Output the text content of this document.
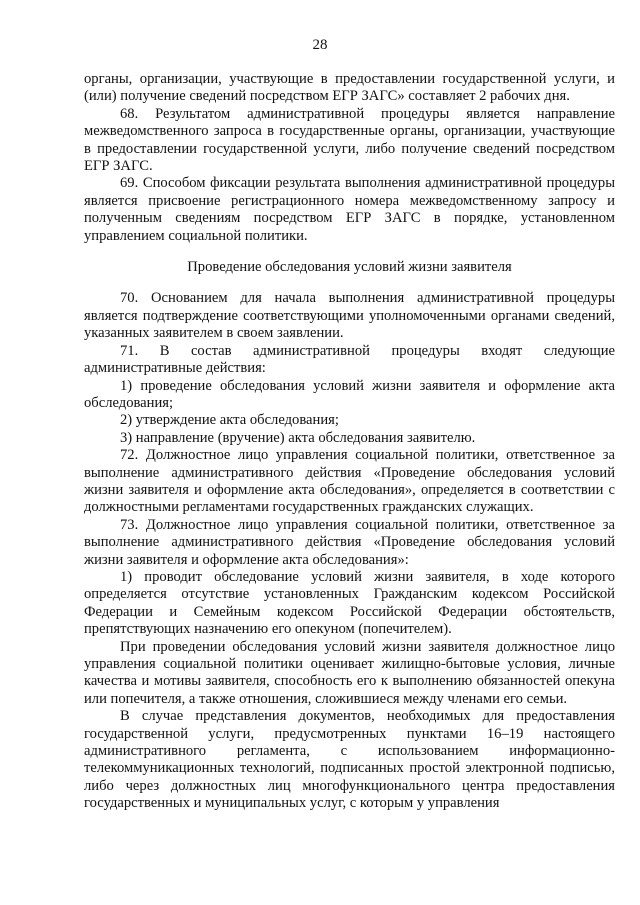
28

органы, организации, участвующие в предоставлении государственной услуги, и (или) получение сведений посредством ЕГР ЗАГС» составляет 2 рабочих дня.

68. Результатом административной процедуры является направление межведомственного запроса в государственные органы, организации, участвующие в предоставлении государственной услуги, либо получение сведений посредством ЕГР ЗАГС.

69. Способом фиксации результата выполнения административной процедуры является присвоение регистрационного номера межведомственному запросу и полученным сведениям посредством ЕГР ЗАГС в порядке, установленном управлением социальной политики.

Проведение обследования условий жизни заявителя

70. Основанием для начала выполнения административной процедуры является подтверждение соответствующими уполномоченными органами сведений, указанных заявителем в своем заявлении.

71. В состав административной процедуры входят следующие административные действия:

1) проведение обследования условий жизни заявителя и оформление акта обследования;

2) утверждение акта обследования;

3) направление (вручение) акта обследования заявителю.

72. Должностное лицо управления социальной политики, ответственное за выполнение административного действия «Проведение обследования условий жизни заявителя и оформление акта обследования», определяется в соответствии с должностными регламентами государственных гражданских служащих.

73. Должностное лицо управления социальной политики, ответственное за выполнение административного действия «Проведение обследования условий жизни заявителя и оформление акта обследования»:

1) проводит обследование условий жизни заявителя, в ходе которого определяется отсутствие установленных Гражданским кодексом Российской Федерации и Семейным кодексом Российской Федерации обстоятельств, препятствующих назначению его опекуном (попечителем).

При проведении обследования условий жизни заявителя должностное лицо управления социальной политики оценивает жилищно-бытовые условия, личные качества и мотивы заявителя, способность его к выполнению обязанностей опекуна или попечителя, а также отношения, сложившиеся между членами его семьи.

В случае представления документов, необходимых для предоставления государственной услуги, предусмотренных пунктами 16–19 настоящего административного регламента, с использованием информационно-телекоммуникационных технологий, подписанных простой электронной подписью, либо через должностных лиц многофункционального центра предоставления государственных и муниципальных услуг, с которым у управления
